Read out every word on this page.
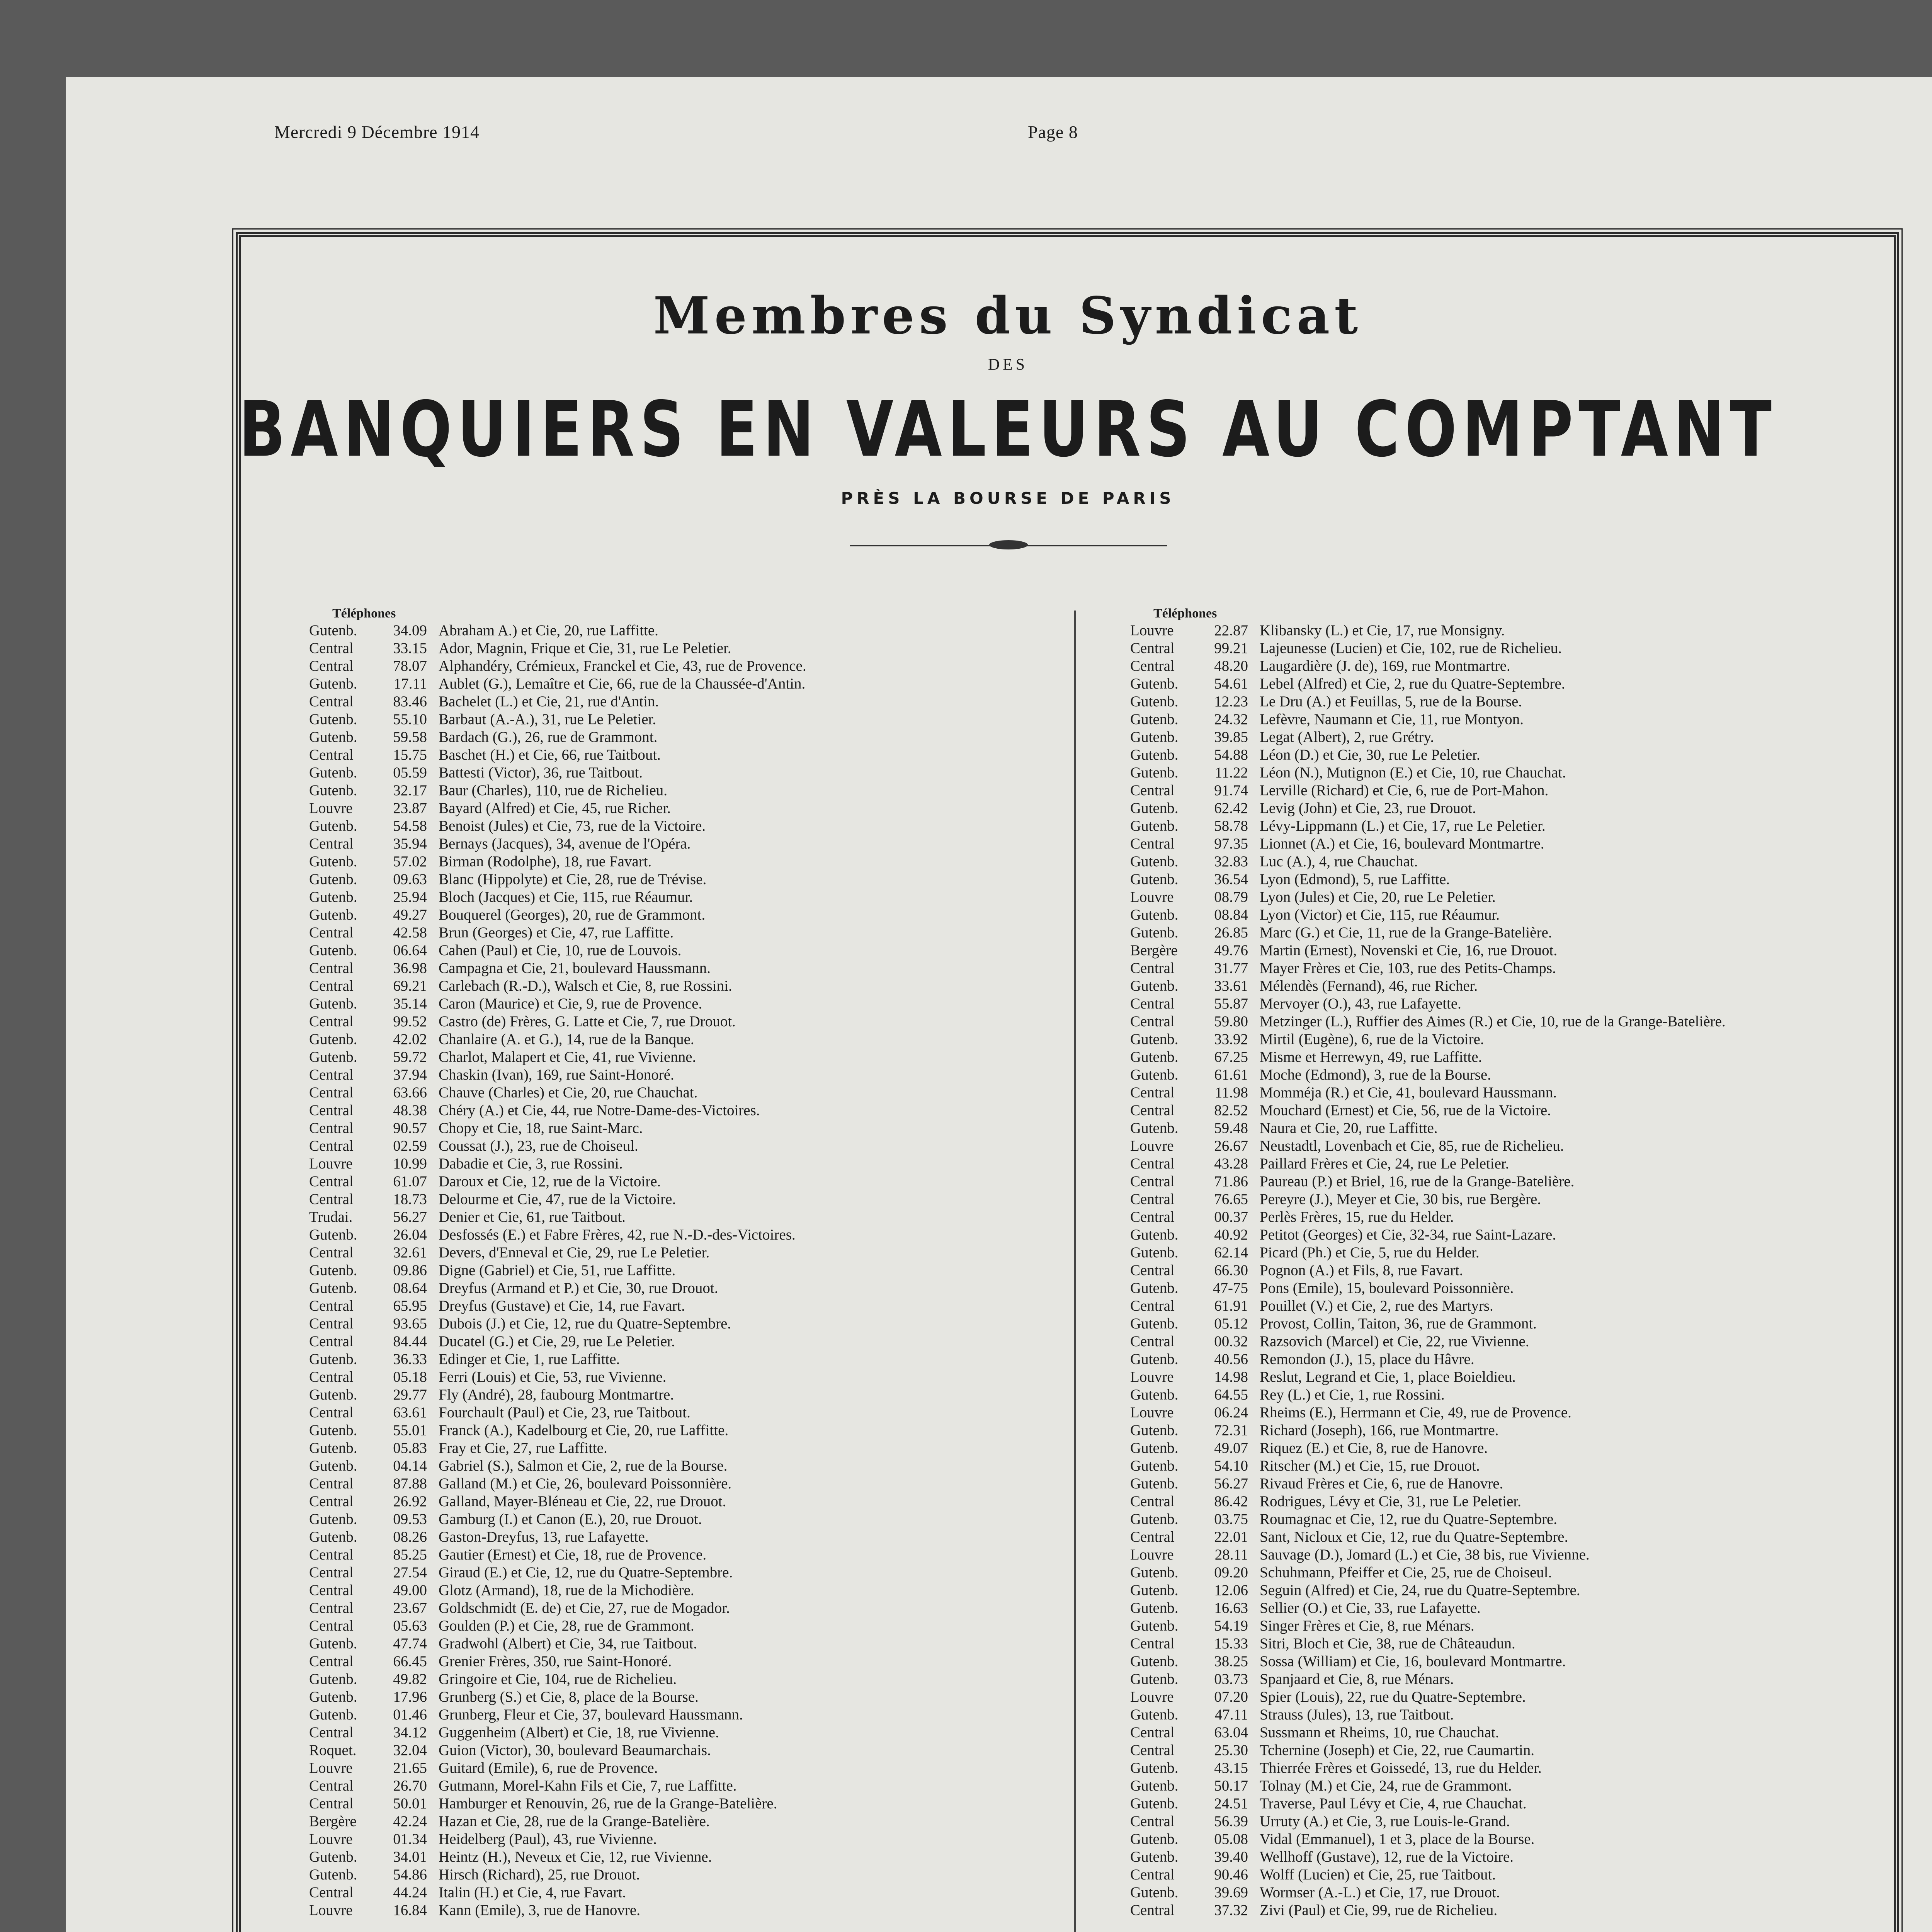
Mercredi 9 Décembre 1914	Page 8
Membres du Syndicat
DES
BANQUIERS EN VALEURS AU COMPTANT
PRÈS LA BOURSE DE PARIS
Téléphones
Gutenb.	34.09 Abraham A.) et Cie, 20, rue Laffitte.
Central	33.15 Ador, Magnin, Frique et Cie, 31, rue Le Peletier.
Central	78.07 Alphandéry, Crémieux, Franckel et Cie, 43, rue de Provence.
Gutenb.	17.11 Aublet (G.), Lemaître et Cie, 66, rue de la Chaussée-d'Antin.
Central	83.46 Bachelet (L.) et Cie, 21, rue d'Antin.
Gutenb.	55.10 Barbaut (A.-A.), 31, rue Le Peletier.
Gutenb.	59.58 Bardach (G.), 26, rue de Grammont.
Central	15.75 Baschet (H.) et Cie, 66, rue Taitbout.
Gutenb.	05.59 Battesti (Victor), 36, rue Taitbout.
Gutenb.	32.17 Baur (Charles), 110, rue de Richelieu.
Louvre	23.87 Bayard (Alfred) et Cie, 45, rue Richer.
Gutenb.	54.58 Benoist (Jules) et Cie, 73, rue de la Victoire.
Central	35.94 Bernays (Jacques), 34, avenue de l'Opéra.
Gutenb.	57.02 Birman (Rodolphe), 18, rue Favart.
Gutenb.	09.63 Blanc (Hippolyte) et Cie, 28, rue de Trévise.
Gutenb.	25.94 Bloch (Jacques) et Cie, 115, rue Réaumur.
Gutenb.	49.27 Bouquerel (Georges), 20, rue de Grammont.
Central	42.58 Brun (Georges) et Cie, 47, rue Laffitte.
Gutenb.	06.64 Cahen (Paul) et Cie, 10, rue de Louvois.
Central	36.98 Campagna et Cie, 21, boulevard Haussmann.
Central	69.21 Carlebach (R.-D.), Walsch et Cie, 8, rue Rossini.
Gutenb.	35.14 Caron (Maurice) et Cie, 9, rue de Provence.
Central	99.52 Castro (de) Frères, G. Latte et Cie, 7, rue Drouot.
Gutenb.	42.02 Chanlaire (A. et G.), 14, rue de la Banque.
Gutenb.	59.72 Charlot, Malapert et Cie, 41, rue Vivienne.
Central	37.94 Chaskin (Ivan), 169, rue Saint-Honoré.
Central	63.66 Chauve (Charles) et Cie, 20, rue Chauchat.
Central	48.38 Chéry (A.) et Cie, 44, rue Notre-Dame-des-Victoires.
Central	90.57 Chopy et Cie, 18, rue Saint-Marc.
Central	02.59 Coussat (J.), 23, rue de Choiseul.
Louvre	10.99 Dabadie et Cie, 3, rue Rossini.
Central	61.07 Daroux et Cie, 12, rue de la Victoire.
Central	18.73 Delourme et Cie, 47, rue de la Victoire.
Trudai.	56.27 Denier et Cie, 61, rue Taitbout.
Gutenb.	26.04 Desfossés (E.) et Fabre Frères, 42, rue N.-D.-des-Victoires.
Central	32.61 Devers, d'Enneval et Cie, 29, rue Le Peletier.
Gutenb.	09.86 Digne (Gabriel) et Cie, 51, rue Laffitte.
Gutenb.	08.64 Dreyfus (Armand et P.) et Cie, 30, rue Drouot.
Central	65.95 Dreyfus (Gustave) et Cie, 14, rue Favart.
Central	93.65 Dubois (J.) et Cie, 12, rue du Quatre-Septembre.
Central	84.44 Ducatel (G.) et Cie, 29, rue Le Peletier.
Gutenb.	36.33 Edinger et Cie, 1, rue Laffitte.
Central	05.18 Ferri (Louis) et Cie, 53, rue Vivienne.
Gutenb.	29.77 Fly (André), 28, faubourg Montmartre.
Central	63.61 Fourchault (Paul) et Cie, 23, rue Taitbout.
Gutenb.	55.01 Franck (A.), Kadelbourg et Cie, 20, rue Laffitte.
Gutenb.	05.83 Fray et Cie, 27, rue Laffitte.
Gutenb.	04.14 Gabriel (S.), Salmon et Cie, 2, rue de la Bourse.
Central	87.88 Galland (M.) et Cie, 26, boulevard Poissonnière.
Central	26.92 Galland, Mayer-Bléneau et Cie, 22, rue Drouot.
Gutenb.	09.53 Gamburg (I.) et Canon (E.), 20, rue Drouot.
Gutenb.	08.26 Gaston-Dreyfus, 13, rue Lafayette.
Central	85.25 Gautier (Ernest) et Cie, 18, rue de Provence.
Central	27.54 Giraud (E.) et Cie, 12, rue du Quatre-Septembre.
Central	49.00 Glotz (Armand), 18, rue de la Michodière.
Central	23.67 Goldschmidt (E. de) et Cie, 27, rue de Mogador.
Central	05.63 Goulden (P.) et Cie, 28, rue de Grammont.
Gutenb.	47.74 Gradwohl (Albert) et Cie, 34, rue Taitbout.
Central	66.45 Grenier Frères, 350, rue Saint-Honoré.
Gutenb.	49.82 Gringoire et Cie, 104, rue de Richelieu.
Gutenb.	17.96 Grunberg (S.) et Cie, 8, place de la Bourse.
Gutenb.	01.46 Grunberg, Fleur et Cie, 37, boulevard Haussmann.
Central	34.12 Guggenheim (Albert) et Cie, 18, rue Vivienne.
Roquet.	32.04 Guion (Victor), 30, boulevard Beaumarchais.
Louvre	21.65 Guitard (Emile), 6, rue de Provence.
Central	26.70 Gutmann, Morel-Kahn Fils et Cie, 7, rue Laffitte.
Central	50.01 Hamburger et Renouvin, 26, rue de la Grange-Batelière.
Bergère	42.24 Hazan et Cie, 28, rue de la Grange-Batelière.
Louvre	01.34 Heidelberg (Paul), 43, rue Vivienne.
Gutenb.	34.01 Heintz (H.), Neveux et Cie, 12, rue Vivienne.
Gutenb.	54.86 Hirsch (Richard), 25, rue Drouot.
Central	44.24 Italin (H.) et Cie, 4, rue Favart.
Louvre	16.84 Kann (Emile), 3, rue de Hanovre.
Téléphones
Louvre	22.87 Klibansky (L.) et Cie, 17, rue Monsigny.
Central	99.21 Lajeunesse (Lucien) et Cie, 102, rue de Richelieu.
Central	48.20 Laugardière (J. de), 169, rue Montmartre.
Gutenb.	54.61 Lebel (Alfred) et Cie, 2, rue du Quatre-Septembre.
Gutenb.	12.23 Le Dru (A.) et Feuillas, 5, rue de la Bourse.
Gutenb.	24.32 Lefèvre, Naumann et Cie, 11, rue Montyon.
Gutenb.	39.85 Legat (Albert), 2, rue Grétry.
Gutenb.	54.88 Léon (D.) et Cie, 30, rue Le Peletier.
Gutenb.	11.22 Léon (N.), Mutignon (E.) et Cie, 10, rue Chauchat.
Central	91.74 Lerville (Richard) et Cie, 6, rue de Port-Mahon.
Gutenb.	62.42 Levig (John) et Cie, 23, rue Drouot.
Gutenb.	58.78 Lévy-Lippmann (L.) et Cie, 17, rue Le Peletier.
Central	97.35 Lionnet (A.) et Cie, 16, boulevard Montmartre.
Gutenb.	32.83 Luc (A.), 4, rue Chauchat.
Gutenb.	36.54 Lyon (Edmond), 5, rue Laffitte.
Louvre	08.79 Lyon (Jules) et Cie, 20, rue Le Peletier.
Gutenb.	08.84 Lyon (Victor) et Cie, 115, rue Réaumur.
Gutenb.	26.85 Marc (G.) et Cie, 11, rue de la Grange-Batelière.
Bergère	49.76 Martin (Ernest), Novenski et Cie, 16, rue Drouot.
Central	31.77 Mayer Frères et Cie, 103, rue des Petits-Champs.
Gutenb.	33.61 Mélendès (Fernand), 46, rue Richer.
Central	55.87 Mervoyer (O.), 43, rue Lafayette.
Central	59.80 Metzinger (L.), Ruffier des Aimes (R.) et Cie, 10, rue de la Grange-Batelière.
Gutenb.	33.92 Mirtil (Eugène), 6, rue de la Victoire.
Gutenb.	67.25 Misme et Herrewyn, 49, rue Laffitte.
Gutenb.	61.61 Moche (Edmond), 3, rue de la Bourse.
Central	11.98 Momméja (R.) et Cie, 41, boulevard Haussmann.
Central	82.52 Mouchard (Ernest) et Cie, 56, rue de la Victoire.
Gutenb.	59.48 Naura et Cie, 20, rue Laffitte.
Louvre	26.67 Neustadtl, Lovenbach et Cie, 85, rue de Richelieu.
Central	43.28 Paillard Frères et Cie, 24, rue Le Peletier.
Central	71.86 Paureau (P.) et Briel, 16, rue de la Grange-Batelière.
Central	76.65 Pereyre (J.), Meyer et Cie, 30 bis, rue Bergère.
Central	00.37 Perlès Frères, 15, rue du Helder.
Gutenb.	40.92 Petitot (Georges) et Cie, 32-34, rue Saint-Lazare.
Gutenb.	62.14 Picard (Ph.) et Cie, 5, rue du Helder.
Central	66.30 Pognon (A.) et Fils, 8, rue Favart.
Gutenb.	47-75 Pons (Emile), 15, boulevard Poissonnière.
Central	61.91 Pouillet (V.) et Cie, 2, rue des Martyrs.
Gutenb.	05.12 Provost, Collin, Taiton, 36, rue de Grammont.
Central	00.32 Razsovich (Marcel) et Cie, 22, rue Vivienne.
Gutenb.	40.56 Remondon (J.), 15, place du Hâvre.
Louvre	14.98 Reslut, Legrand et Cie, 1, place Boieldieu.
Gutenb.	64.55 Rey (L.) et Cie, 1, rue Rossini.
Louvre	06.24 Rheims (E.), Herrmann et Cie, 49, rue de Provence.
Gutenb.	72.31 Richard (Joseph), 166, rue Montmartre.
Gutenb.	49.07 Riquez (E.) et Cie, 8, rue de Hanovre.
Gutenb.	54.10 Ritscher (M.) et Cie, 15, rue Drouot.
Gutenb.	56.27 Rivaud Frères et Cie, 6, rue de Hanovre.
Central	86.42 Rodrigues, Lévy et Cie, 31, rue Le Peletier.
Gutenb.	03.75 Roumagnac et Cie, 12, rue du Quatre-Septembre.
Central	22.01 Sant, Nicloux et Cie, 12, rue du Quatre-Septembre.
Louvre	28.11 Sauvage (D.), Jomard (L.) et Cie, 38 bis, rue Vivienne.
Gutenb.	09.20 Schuhmann, Pfeiffer et Cie, 25, rue de Choiseul.
Gutenb.	12.06 Seguin (Alfred) et Cie, 24, rue du Quatre-Septembre.
Gutenb.	16.63 Sellier (O.) et Cie, 33, rue Lafayette.
Gutenb.	54.19 Singer Frères et Cie, 8, rue Ménars.
Central	15.33 Sitri, Bloch et Cie, 38, rue de Châteaudun.
Gutenb.	38.25 Sossa (William) et Cie, 16, boulevard Montmartre.
Gutenb.	03.73 Spanjaard et Cie, 8, rue Ménars.
Louvre	07.20 Spier (Louis), 22, rue du Quatre-Septembre.
Gutenb.	47.11 Strauss (Jules), 13, rue Taitbout.
Central	63.04 Sussmann et Rheims, 10, rue Chauchat.
Central	25.30 Tchernine (Joseph) et Cie, 22, rue Caumartin.
Gutenb.	43.15 Thierrée Frères et Goissedé, 13, rue du Helder.
Gutenb.	50.17 Tolnay (M.) et Cie, 24, rue de Grammont.
Gutenb.	24.51 Traverse, Paul Lévy et Cie, 4, rue Chauchat.
Central	56.39 Urruty (A.) et Cie, 3, rue Louis-le-Grand.
Gutenb.	05.08 Vidal (Emmanuel), 1 et 3, place de la Bourse.
Gutenb.	39.40 Wellhoff (Gustave), 12, rue de la Victoire.
Central	90.46 Wolff (Lucien) et Cie, 25, rue Taitbout.
Gutenb.	39.69 Wormser (A.-L.) et Cie, 17, rue Drouot.
Central	37.32 Zivi (Paul) et Cie, 99, rue de Richelieu.
